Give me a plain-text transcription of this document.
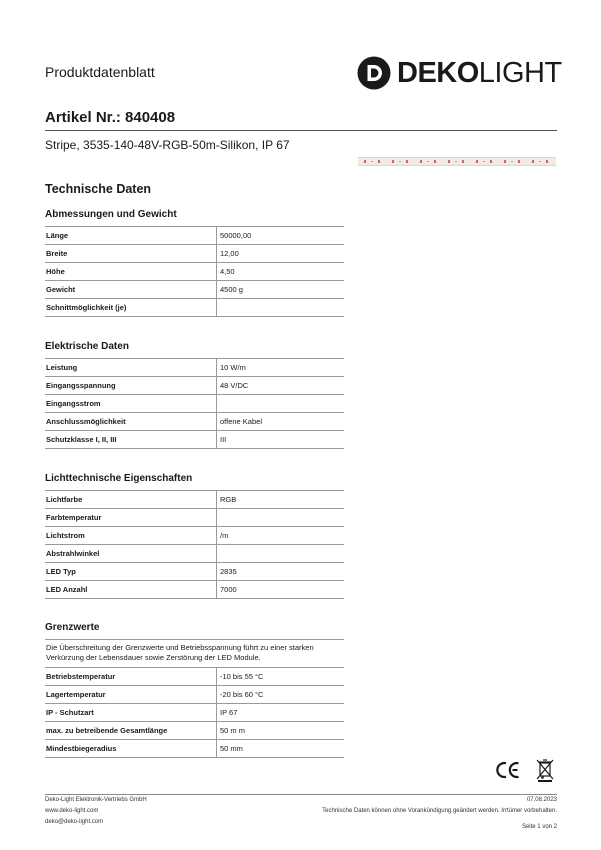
Produktdatenblatt	DEKOLIGHT
Artikel Nr.: 840408
Stripe, 3535-140-48V-RGB-50m-Silikon, IP 67
Technische Daten
Abmessungen und Gewicht
Länge	50000,00
Breite	12,00
Höhe	4,50
Gewicht	4500 g
Schnittmöglichkeit (je)
Elektrische Daten
Leistung	10 W/m
Eingangsspannung	48 V/DC
Eingangsstrom
Anschlussmöglichkeit	offene Kabel
Schutzklasse I, II, III	III
Lichttechnische Eigenschaften
Lichtfarbe	RGB
Farbtemperatur
Lichtstrom	/m
Abstrahlwinkel
LED Typ	2835
LED Anzahl	7000
Grenzwerte
Die Überschreitung der Grenzwerte und Betriebsspannung führt zu einer starken Verkürzung der Lebensdauer sowie Zerstörung der LED Module.
Betriebstemperatur	-10 bis 55 °C
Lagertemperatur	-20 bis 60 °C
IP - Schutzart	IP 67
max. zu betreibende Gesamtlänge	50 m m
Mindestbiegeradius	50 mm
Deko-Light Elektronik-Vertriebs GmbH
www.deko-light.com
deko@deko-light.com
07.08.2023
Technische Daten können ohne Vorankündigung geändert werden. Irrtümer vorbehalten.
Seite 1 von 2
